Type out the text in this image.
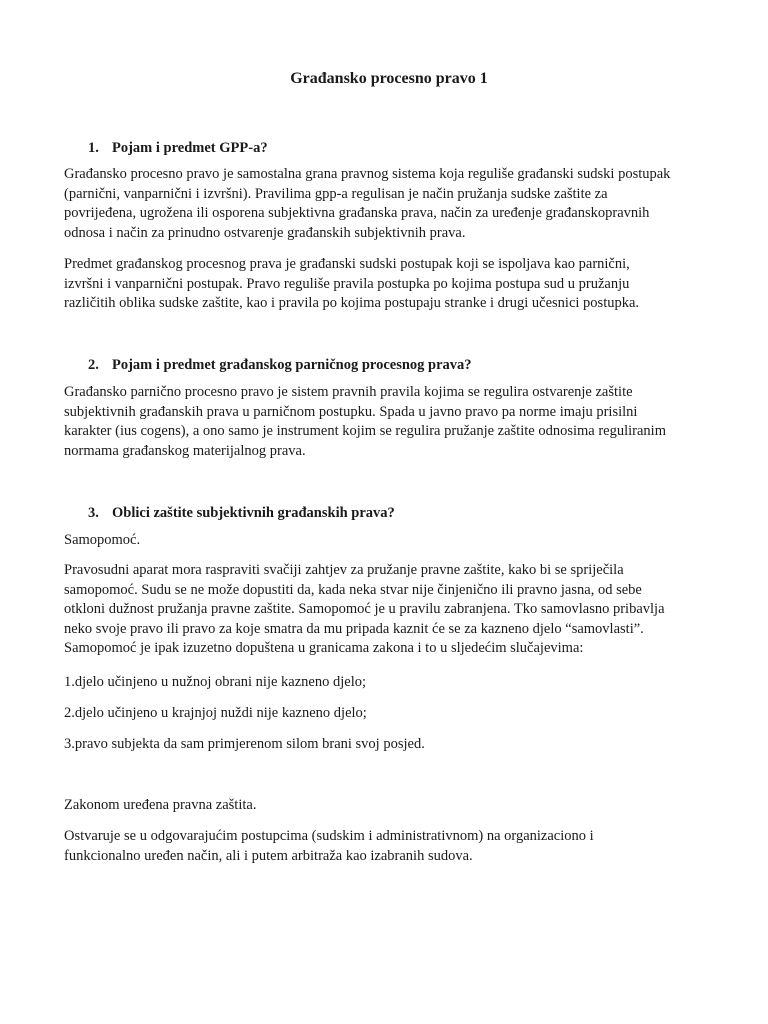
Građansko procesno pravo 1
1. Pojam i predmet GPP-a?

Građansko procesno pravo je samostalna grana pravnog sistema koja reguliše građanski sudski postupak
(parnični, vanparnični i izvršni). Pravilima gpp-a regulisan je način pružanja sudske zaštite za
povrijeđena, ugrožena ili osporena subjektivna građanska prava, način za uređenje građanskopravnih
odnosa i način za prinudno ostvarenje građanskih subjektivnih prava.

Predmet građanskog procesnog prava je građanski sudski postupak koji se ispoljava kao parnični,
izvršni i vanparnični postupak. Pravo reguliše pravila postupka po kojima postupa sud u pružanju
različitih oblika sudske zaštite, kao i pravila po kojima postupaju stranke i drugi učesnici postupka.

2. Pojam i predmet građanskog parničnog procesnog prava?

Građansko parnično procesno pravo je sistem pravnih pravila kojima se regulira ostvarenje zaštite
subjektivnih građanskih prava u parničnom postupku. Spada u javno pravo pa norme imaju prisilni
karakter (ius cogens), a ono samo je instrument kojim se regulira pružanje zaštite odnosima reguliranim
normama građanskog materijalnog prava.

3. Oblici zaštite subjektivnih građanskih prava?

Samopomoć.

Pravosudni aparat mora raspraviti svačiji zahtjev za pružanje pravne zaštite, kako bi se spriječila
samopomoć. Sudu se ne može dopustiti da, kada neka stvar nije činjenično ili pravno jasna, od sebe
otkloni dužnost pružanja pravne zaštite. Samopomoć je u pravilu zabranjena. Tko samovlasno pribavlja
neko svoje pravo ili pravo za koje smatra da mu pripada kaznit će se za kazneno djelo “samovlasti”.
Samopomoć je ipak izuzetno dopuštena u granicama zakona i to u sljedećim slučajevima:

1.djelo učinjeno u nužnoj obrani nije kazneno djelo;

2.djelo učinjeno u krajnjoj nuždi nije kazneno djelo;

3.pravo subjekta da sam primjerenom silom brani svoj posjed.

Zakonom uređena pravna zaštita.

Ostvaruje se u odgovarajućim postupcima (sudskim i administrativnom) na organizaciono i
funkcionalno uređen način, ali i putem arbitraža kao izabranih sudova.
